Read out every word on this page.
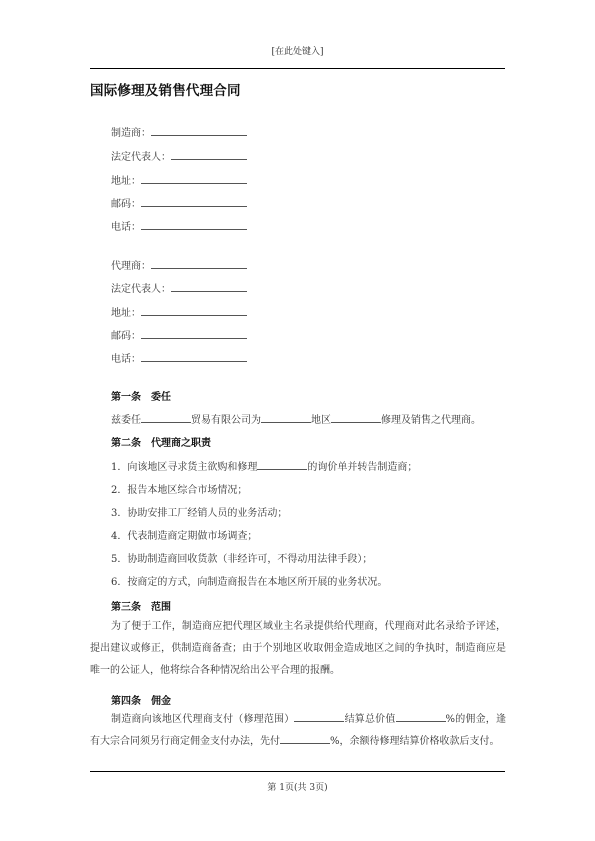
[在此处键入]
国际修理及销售代理合同
制造商：
法定代表人：
地址：
邮码：
电话：
代理商：
法定代表人：
地址：
邮码：
电话：
第一条　委任
兹委任	贸易有限公司为	地区	修理及销售之代理商。
第二条　代理商之职责
1．向该地区寻求货主欲购和修理	的询价单并转告制造商；
2．报告本地区综合市场情况；
3．协助安排工厂经销人员的业务活动；
4．代表制造商定期做市场调查；
5．协助制造商回收货款（非经许可，不得动用法律手段）；
6．按商定的方式，向制造商报告在本地区所开展的业务状况。
第三条　范围
为了便于工作，制造商应把代理区域业主名录提供给代理商，代理商对此名录给予评述，提出建议或修正，供制造商备查；由于个别地区收取佣金造成地区之间的争执时，制造商应是唯一的公证人，他将综合各种情况给出公平合理的报酬。
第四条　佣金
制造商向该地区代理商支付（修理范围）	结算总价值	%的佣金，逢有大宗合同须另行商定佣金支付办法，先付	%，余额待修理结算价格收款后支付。
第 1页(共 3页)
